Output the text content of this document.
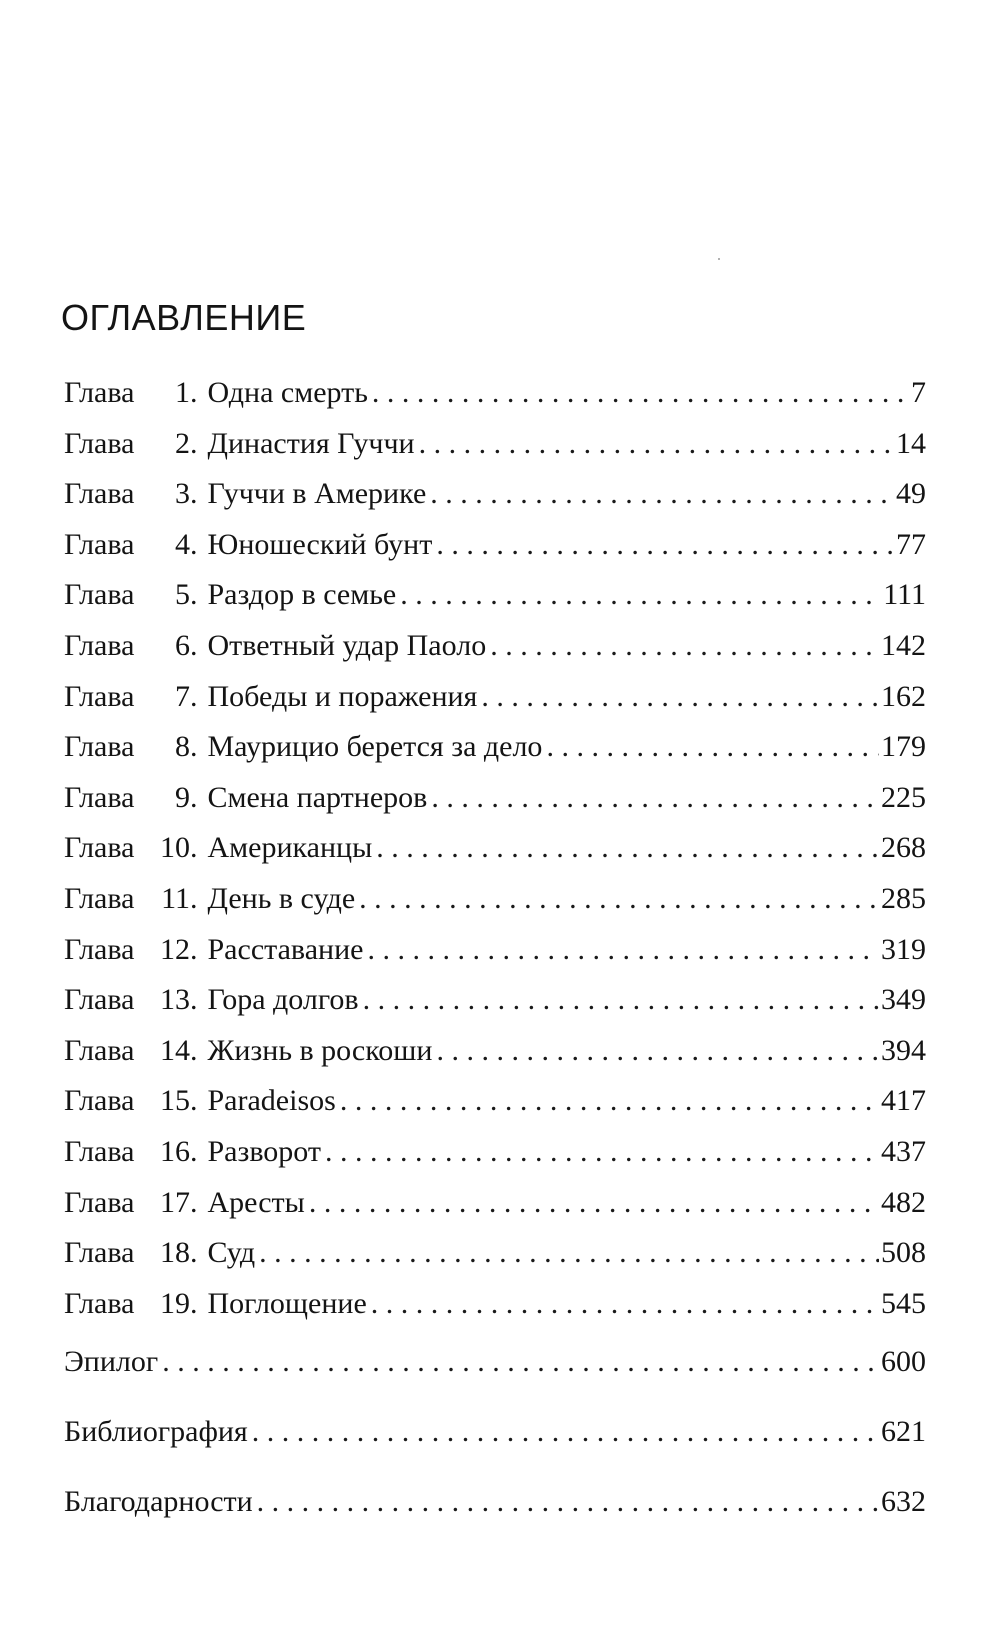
ОГЛАВЛЕНИЕ
Глава	1 . Одна смерть . . .	7
Глава	2 . Династия Гуччи . . .	14
Глава	3 . Гуччи в Америке . . .	49
Глава	4 . Юношеский бунт . . .	77
Глава	5 . Раздор в семье . . .	111
Глава	6 . Ответный удар Паоло . . .	142
Глава	7 . Победы и поражения . . .	162
Глава	8 . Маурицио берется за дело . . .	179
Глава	9 . Смена партнеров . . .	225
Глава 10 . Американцы . . .	268
Глава 11 . День в суде . . .	285
Глава 12 . Расставание . . .	319
Глава 13 . Гора долгов . . .	349
Глава 14 . Жизнь в роскоши . . .	394
Глава 15 . Paradeisos . . .	417
Глава 16 . Разворот . . .	437
Глава 17 . Аресты . . .	482
Глава 18 . Суд . . .	508
Глава 19 . Поглощение . . .	545
Эпилог . . .	600
Библиография . . .	621
Благодарности . . .	632
